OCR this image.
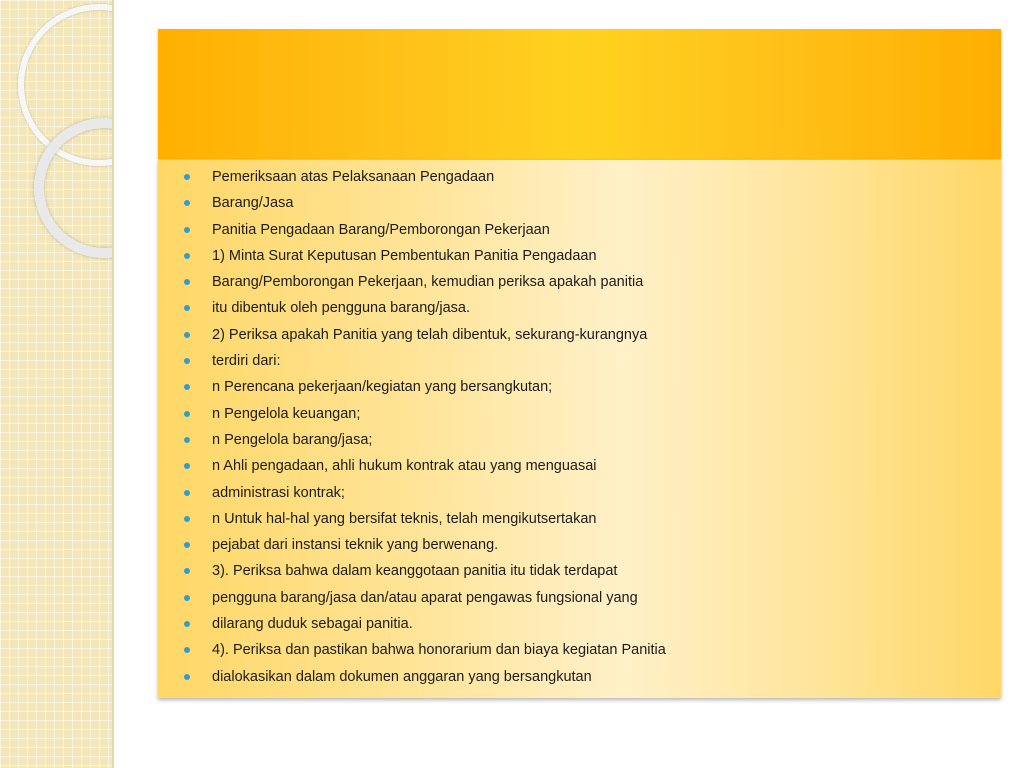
Pemeriksaan atas Pelaksanaan Pengadaan
Barang/Jasa
Panitia Pengadaan Barang/Pemborongan Pekerjaan
1) Minta Surat Keputusan Pembentukan Panitia Pengadaan
Barang/Pemborongan Pekerjaan, kemudian periksa apakah panitia
itu dibentuk oleh pengguna barang/jasa.
2) Periksa apakah Panitia yang telah dibentuk, sekurang-kurangnya
terdiri dari:
n Perencana pekerjaan/kegiatan yang bersangkutan;
n Pengelola keuangan;
n Pengelola barang/jasa;
n Ahli pengadaan, ahli hukum kontrak atau yang menguasai
administrasi kontrak;
n Untuk hal-hal yang bersifat teknis, telah mengikutsertakan
pejabat dari instansi teknik yang berwenang.
3). Periksa bahwa dalam keanggotaan panitia itu tidak terdapat
pengguna barang/jasa dan/atau aparat pengawas fungsional yang
dilarang duduk sebagai panitia.
4). Periksa dan pastikan bahwa honorarium dan biaya kegiatan Panitia
dialokasikan dalam dokumen anggaran yang bersangkutan
